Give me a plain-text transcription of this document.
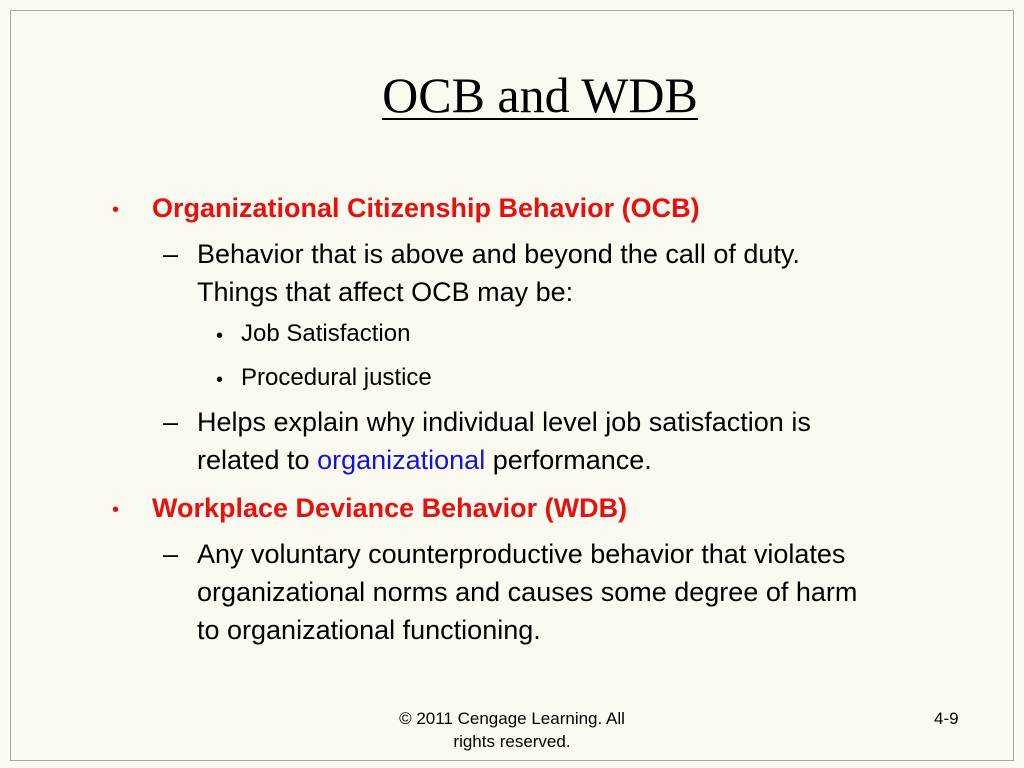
OCB and WDB
• Organizational Citizenship Behavior (OCB)
– Behavior that is above and beyond the call of duty.
Things that affect OCB may be:
• Job Satisfaction
• Procedural justice
– Helps explain why individual level job satisfaction is
related to organizational performance.
• Workplace Deviance Behavior (WDB)
– Any voluntary counterproductive behavior that violates
organizational norms and causes some degree of harm
to organizational functioning.
© 2011 Cengage Learning. All
rights reserved.
4-9
